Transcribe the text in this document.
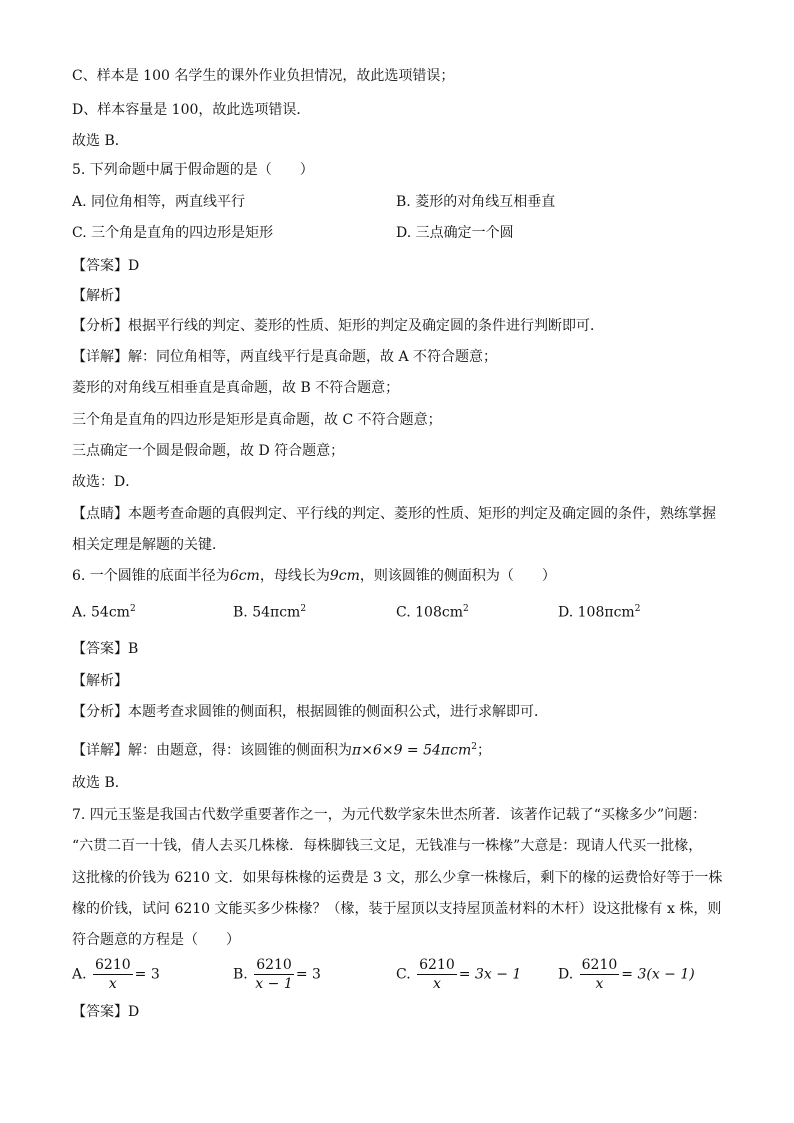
C、样本是 100 名学生的课外作业负担情况，故此选项错误；
D、样本容量是 100，故此选项错误．
故选 B．
5. 下列命题中属于假命题的是（　　）
A. 同位角相等，两直线平行	B. 菱形的对角线互相垂直
C. 三个角是直角的四边形是矩形	D. 三点确定一个圆
【答案】D
【解析】
【分析】根据平行线的判定、菱形的性质、矩形的判定及确定圆的条件进行判断即可．
【详解】解：同位角相等，两直线平行是真命题，故 A 不符合题意；
菱形的对角线互相垂直是真命题，故 B 不符合题意；
三个角是直角的四边形是矩形是真命题，故 C 不符合题意；
三点确定一个圆是假命题，故 D 符合题意；
故选：D．
【点睛】本题考查命题的真假判定、平行线的判定、菱形的性质、矩形的判定及确定圆的条件，熟练掌握
相关定理是解题的关键．
6. 一个圆锥的底面半径为6cm，母线长为9cm，则该圆锥的侧面积为（　　）
A. $54cm^2$	B. 54πcm$^2$	C. $108cm^2$	D. 108πcm$^2$
【答案】B
【解析】
【分析】本题考查求圆锥的侧面积，根据圆锥的侧面积公式，进行求解即可．
【详解】解：由题意，得：该圆锥的侧面积为π×6×9 = 54πcm$^2$；
故选 B．
7. 四元玉鉴是我国古代数学重要著作之一，为元代数学家朱世杰所著．该著作记载了“买椽多少”问题：
“六贯二百一十钱，倩人去买几株椽．每株脚钱三文足，无钱准与一株椽”大意是：现请人代买一批椽，
这批椽的价钱为 6210 文．如果每株椽的运费是 3 文，那么少拿一株椽后，剩下的椽的运费恰好等于一株
椽的价钱，试问 6210 文能买多少株椽？（椽，装于屋顶以支持屋顶盖材料的木杆）设这批椽有 x 株，则
符合题意的方程是（　　）
A. $\frac{6210}{x} = 3$	B. $\frac{6210}{x - 1} = 3$	C. $\frac{6210}{x} = 3x - 1$	D. $\frac{6210}{x} = 3(x - 1)$
【答案】D
